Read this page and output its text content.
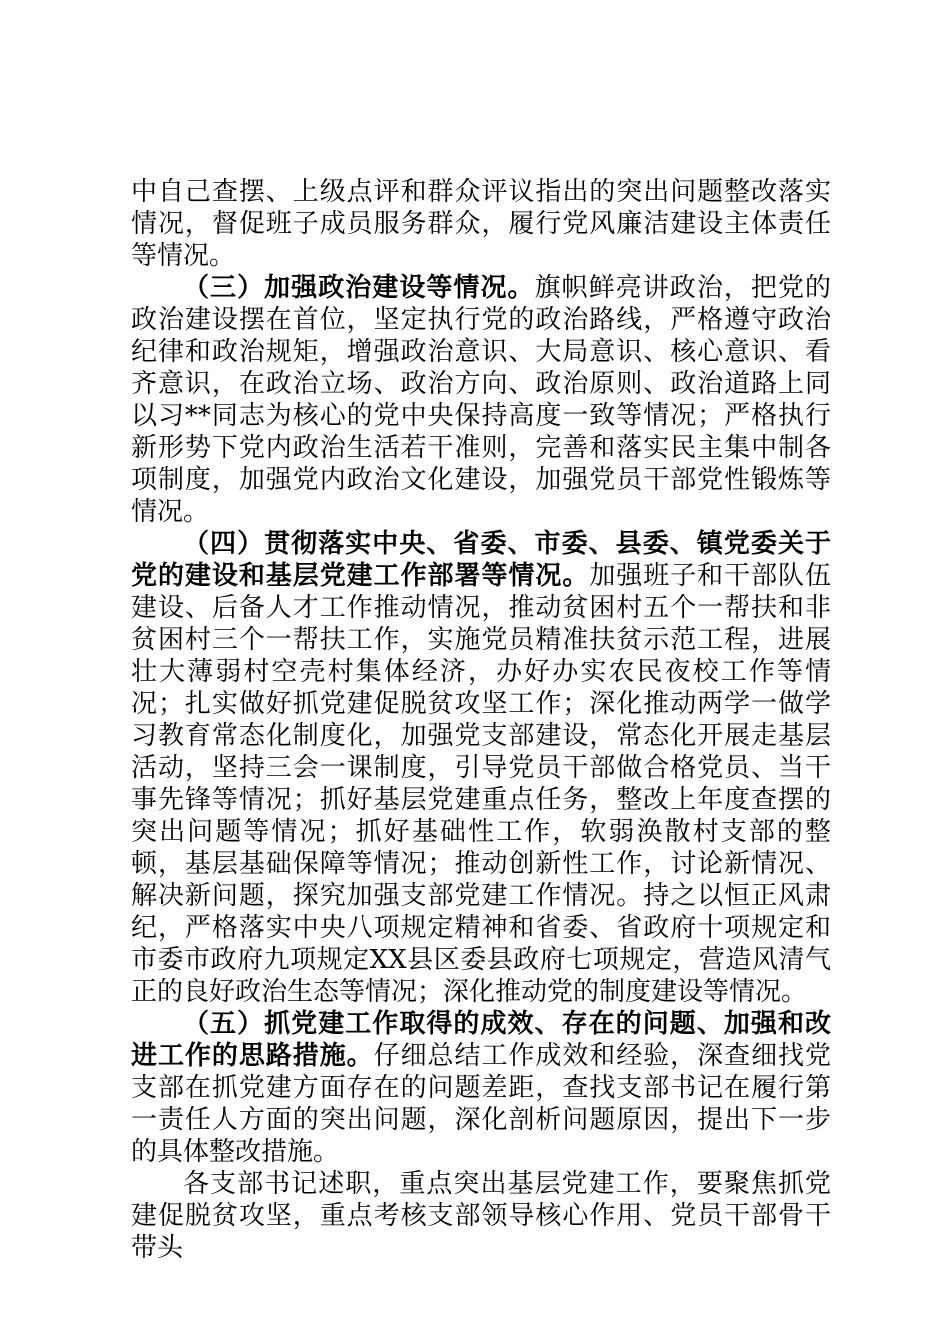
中自己查摆、上级点评和群众评议指出的突出问题整改落实情况，督促班子成员服务群众，履行党风廉洁建设主体责任等情况。

（三）加强政治建设等情况。旗帜鲜亮讲政治，把党的政治建设摆在首位，坚定执行党的政治路线，严格遵守政治纪律和政治规矩，增强政治意识、大局意识、核心意识、看齐意识，在政治立场、政治方向、政治原则、政治道路上同以习**同志为核心的党中央保持高度一致等情况；严格执行新形势下党内政治生活若干准则，完善和落实民主集中制各项制度，加强党内政治文化建设，加强党员干部党性锻炼等情况。

（四）贯彻落实中央、省委、市委、县委、镇党委关于党的建设和基层党建工作部署等情况。加强班子和干部队伍建设、后备人才工作推动情况，推动贫困村五个一帮扶和非贫困村三个一帮扶工作，实施党员精准扶贫示范工程，进展壮大薄弱村空壳村集体经济，办好办实农民夜校工作等情况；扎实做好抓党建促脱贫攻坚工作；深化推动两学一做学习教育常态化制度化，加强党支部建设，常态化开展走基层活动，坚持三会一课制度，引导党员干部做合格党员、当干事先锋等情况；抓好基层党建重点任务，整改上年度查摆的突出问题等情况；抓好基础性工作，软弱涣散村支部的整顿，基层基础保障等情况；推动创新性工作，讨论新情况、解决新问题，探究加强支部党建工作情况。持之以恒正风肃纪，严格落实中央八项规定精神和省委、省政府十项规定和市委市政府九项规定XX县区委县政府七项规定，营造风清气正的良好政治生态等情况；深化推动党的制度建设等情况。

（五）抓党建工作取得的成效、存在的问题、加强和改进工作的思路措施。仔细总结工作成效和经验，深查细找党支部在抓党建方面存在的问题差距，查找支部书记在履行第一责任人方面的突出问题，深化剖析问题原因，提出下一步的具体整改措施。

各支部书记述职，重点突出基层党建工作，要聚焦抓党建促脱贫攻坚，重点考核支部领导核心作用、党员干部骨干带头
